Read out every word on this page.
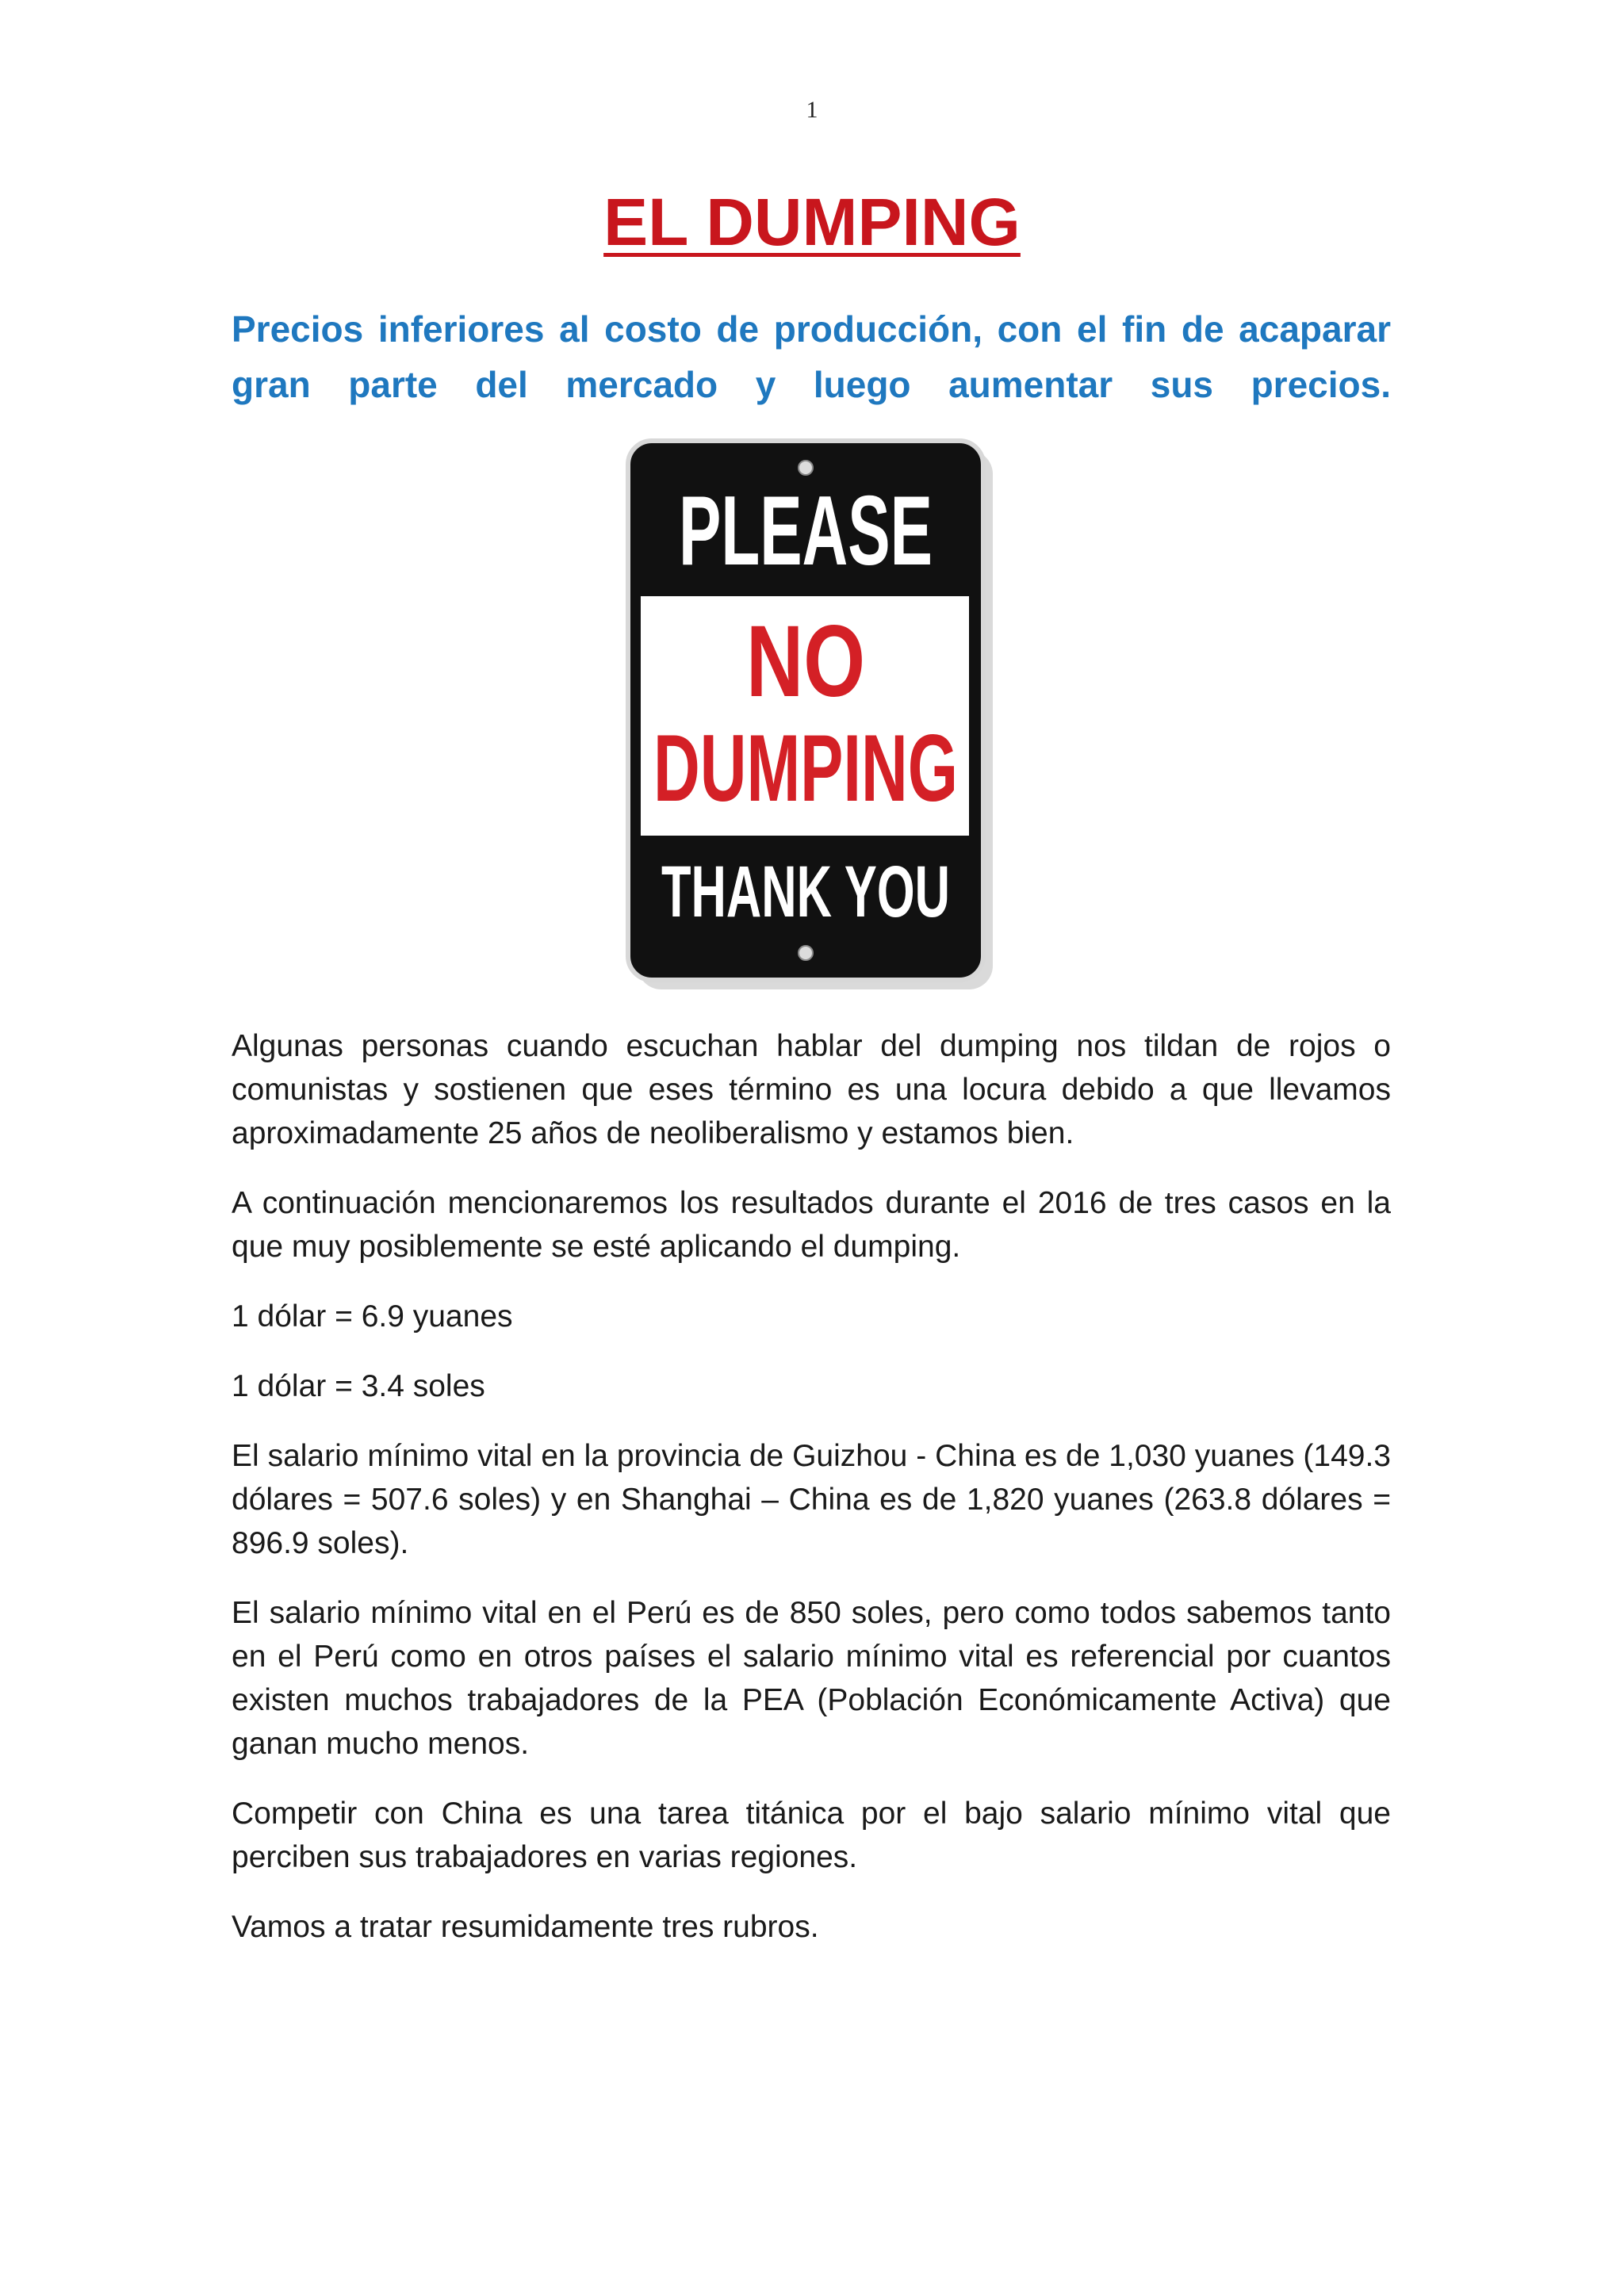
1
EL DUMPING

Precios inferiores al costo de producción, con el fin de acaparar gran parte del mercado y luego aumentar sus precios.

PLEASE
NO
DUMPING
THANK YOU

Algunas personas cuando escuchan hablar del dumping nos tildan de rojos o comunistas y sostienen que eses término es una locura debido a que llevamos aproximadamente 25 años de neoliberalismo y estamos bien.

A continuación mencionaremos los resultados durante el 2016 de tres casos en la que muy posiblemente se esté aplicando el dumping.

1 dólar = 6.9 yuanes

1 dólar = 3.4 soles

El salario mínimo vital en la provincia de Guizhou - China es de 1,030 yuanes (149.3 dólares = 507.6 soles) y en Shanghai – China es de 1,820 yuanes (263.8 dólares = 896.9 soles).

El salario mínimo vital en el Perú es de 850 soles, pero como todos sabemos tanto en el Perú como en otros países el salario mínimo vital es referencial por cuantos existen muchos trabajadores de la PEA (Población Económicamente Activa) que ganan mucho menos.

Competir con China es una tarea titánica por el bajo salario mínimo vital que perciben sus trabajadores en varias regiones.

Vamos a tratar resumidamente tres rubros.
